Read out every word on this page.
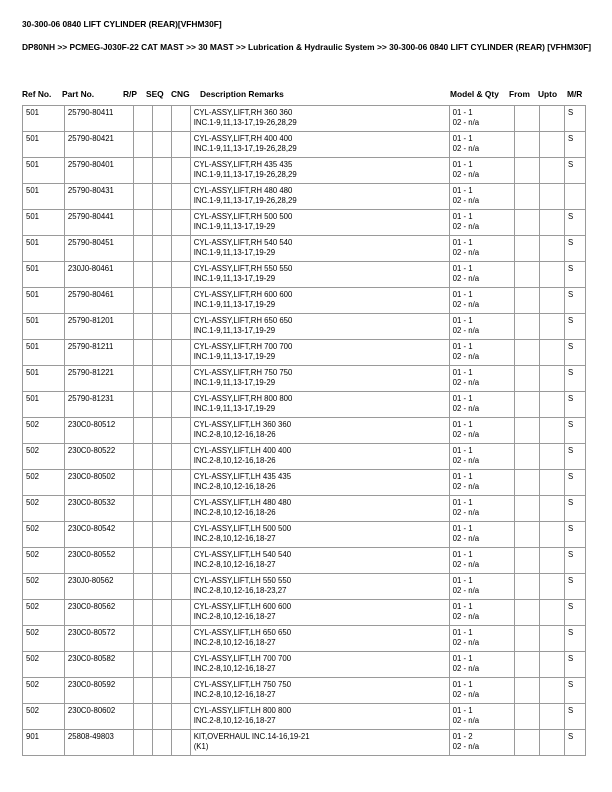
30-300-06 0840 LIFT CYLINDER (REAR)[VFHM30F]
DP80NH >> PCMEG-J030F-22 CAT MAST >> 30 MAST >> Lubrication & Hydraulic System >> 30-300-06 0840 LIFT CYLINDER (REAR) [VFHM30F]
Ref No. Part No.	R/P SEQ CNG Description Remarks	Model & Qty From Upto M/R
501	25790-80411				CYL-ASSY,LIFT,RH 360 360
INC.1-9,11,13-17,19-26,28,29	01 - 1
02 - n/a			S
501	25790-80421				CYL-ASSY,LIFT,RH 400 400
INC.1-9,11,13-17,19-26,28,29	01 - 1
02 - n/a			S
501	25790-80401				CYL-ASSY,LIFT,RH 435 435
INC.1-9,11,13-17,19-26,28,29	01 - 1
02 - n/a			S
501	25790-80431				CYL-ASSY,LIFT,RH 480 480
INC.1-9,11,13-17,19-26,28,29	01 - 1
02 - n/a			

501	25790-80441				CYL-ASSY,LIFT,RH 500 500
INC.1-9,11,13-17,19-29	01 - 1
02 - n/a			S
501	25790-80451				CYL-ASSY,LIFT,RH 540 540
INC.1-9,11,13-17,19-29	01 - 1
02 - n/a			S
501	230J0-80461				CYL-ASSY,LIFT,RH 550 550
INC.1-9,11,13-17,19-29	01 - 1
02 - n/a			S
501	25790-80461				CYL-ASSY,LIFT,RH 600 600
INC.1-9,11,13-17,19-29	01 - 1
02 - n/a			S
501	25790-81201				CYL-ASSY,LIFT,RH 650 650
INC.1-9,11,13-17,19-29	01 - 1
02 - n/a			S
501	25790-81211				CYL-ASSY,LIFT,RH 700 700
INC.1-9,11,13-17,19-29	01 - 1
02 - n/a			S
501	25790-81221				CYL-ASSY,LIFT,RH 750 750
INC.1-9,11,13-17,19-29	01 - 1
02 - n/a			S
501	25790-81231				CYL-ASSY,LIFT,RH 800 800
INC.1-9,11,13-17,19-29	01 - 1
02 - n/a			S
502	230C0-80512				CYL-ASSY,LIFT,LH 360 360
INC.2-8,10,12-16,18-26	01 - 1
02 - n/a			S
502	230C0-80522				CYL-ASSY,LIFT,LH 400 400
INC.2-8,10,12-16,18-26	01 - 1
02 - n/a			S
502	230C0-80502				CYL-ASSY,LIFT,LH 435 435
INC.2-8,10,12-16,18-26	01 - 1
02 - n/a			S
502	230C0-80532				CYL-ASSY,LIFT,LH 480 480
INC.2-8,10,12-16,18-26	01 - 1
02 - n/a			S
502	230C0-80542				CYL-ASSY,LIFT,LH 500 500
INC.2-8,10,12-16,18-27	01 - 1
02 - n/a			S
502	230C0-80552				CYL-ASSY,LIFT,LH 540 540
INC.2-8,10,12-16,18-27	01 - 1
02 - n/a			S
502	230J0-80562				CYL-ASSY,LIFT,LH 550 550
INC.2-8,10,12-16,18-23,27	01 - 1
02 - n/a			S
502	230C0-80562				CYL-ASSY,LIFT,LH 600 600
INC.2-8,10,12-16,18-27	01 - 1
02 - n/a			S
502	230C0-80572				CYL-ASSY,LIFT,LH 650 650
INC.2-8,10,12-16,18-27	01 - 1
02 - n/a			S
502	230C0-80582				CYL-ASSY,LIFT,LH 700 700
INC.2-8,10,12-16,18-27	01 - 1
02 - n/a			S
502	230C0-80592				CYL-ASSY,LIFT,LH 750 750
INC.2-8,10,12-16,18-27	01 - 1
02 - n/a			S
502	230C0-80602				CYL-ASSY,LIFT,LH 800 800
INC.2-8,10,12-16,18-27	01 - 1
02 - n/a			S
901	25808-49803				KIT,OVERHAUL INC.14-16,19-21
(K1)	01 - 2
02 - n/a			S
